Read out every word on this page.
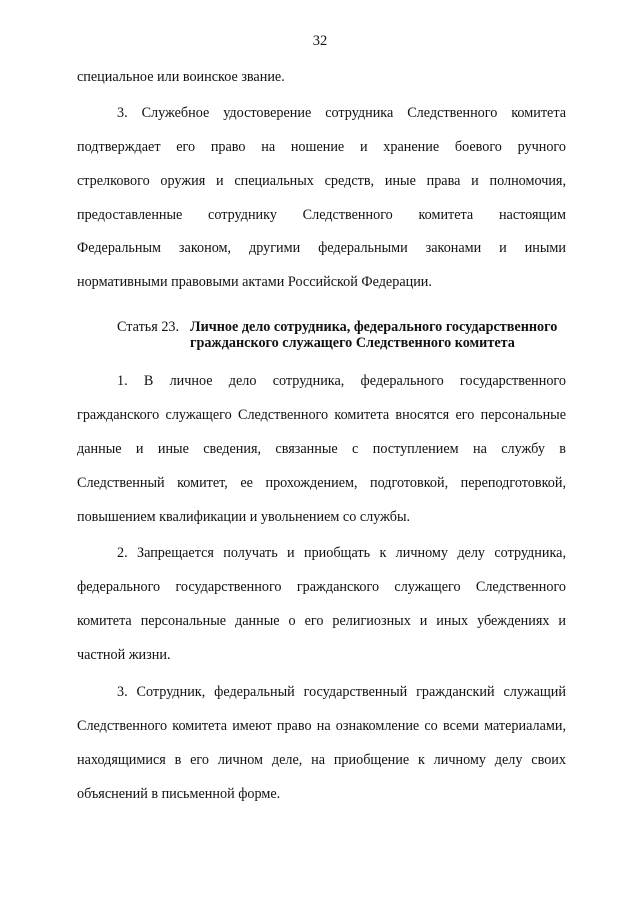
32
специальное или воинское звание.
3. Служебное удостоверение сотрудника Следственного комитета
подтверждает его право на ношение и хранение боевого ручного
стрелкового оружия и специальных средств, иные права и полномочия,
предоставленные сотруднику Следственного комитета настоящим
Федеральным законом, другими федеральными законами и иными
нормативными правовыми актами Российской Федерации.
Статья 23. Личное дело сотрудника, федерального государственного
гражданского служащего Следственного комитета
1. В личное дело сотрудника, федерального государственного
гражданского служащего Следственного комитета вносятся его персональные
данные и иные сведения, связанные с поступлением на службу в
Следственный комитет, ее прохождением, подготовкой, переподготовкой,
повышением квалификации и увольнением со службы.
2. Запрещается получать и приобщать к личному делу сотрудника,
федерального государственного гражданского служащего Следственного
комитета персональные данные о его религиозных и иных убеждениях и
частной жизни.
3. Сотрудник, федеральный государственный гражданский служащий
Следственного комитета имеют право на ознакомление со всеми материалами,
находящимися в его личном деле, на приобщение к личному делу своих
объяснений в письменной форме.
